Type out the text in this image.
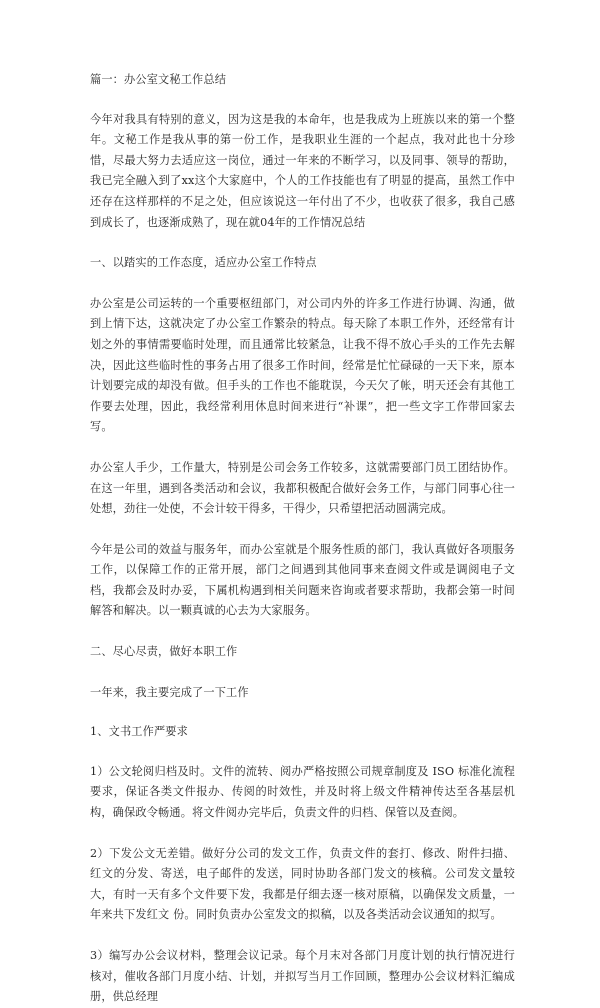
篇一：办公室文秘工作总结

今年对我具有特别的意义，因为这是我的本命年，也是我成为上班族以来的第一个整年。文秘工作是我从事的第一份工作，是我职业生涯的一个起点，我对此也十分珍惜，尽最大努力去适应这一岗位，通过一年来的不断学习，以及同事、领导的帮助，我已完全融入到了xx这个大家庭中，个人的工作技能也有了明显的提高，虽然工作中还存在这样那样的不足之处，但应该说这一年付出了不少，也收获了很多，我自己感到成长了，也逐渐成熟了，现在就04年的工作情况总结

一、以踏实的工作态度，适应办公室工作特点

办公室是公司运转的一个重要枢纽部门，对公司内外的许多工作进行协调、沟通，做到上情下达，这就决定了办公室工作繁杂的特点。每天除了本职工作外，还经常有计划之外的事情需要临时处理，而且通常比较紧急，让我不得不放心手头的工作先去解决，因此这些临时性的事务占用了很多工作时间，经常是忙忙碌碌的一天下来，原本计划要完成的却没有做。但手头的工作也不能耽误，今天欠了帐，明天还会有其他工作要去处理，因此，我经常利用休息时间来进行“补课”，把一些文字工作带回家去写。

办公室人手少，工作量大，特别是公司会务工作较多，这就需要部门员工团结协作。在这一年里，遇到各类活动和会议，我都积极配合做好会务工作，与部门同事心往一处想，劲往一处使，不会计较干得多，干得少，只希望把活动圆满完成。

今年是公司的效益与服务年，而办公室就是个服务性质的部门，我认真做好各项服务工作，以保障工作的正常开展，部门之间遇到其他同事来查阅文件或是调阅电子文档，我都会及时办妥，下属机构遇到相关问题来咨询或者要求帮助，我都会第一时间解答和解决。以一颗真诚的心去为大家服务。

二、尽心尽责，做好本职工作

一年来，我主要完成了一下工作

1、文书工作严要求

1）公文轮阅归档及时。文件的流转、阅办严格按照公司规章制度及 ISO 标准化流程要求，保证各类文件报办、传阅的时效性，并及时将上级文件精神传达至各基层机构，确保政令畅通。将文件阅办完毕后，负责文件的归档、保管以及查阅。

2）下发公文无差错。做好分公司的发文工作，负责文件的套打、修改、附件扫描、红文的分发、寄送，电子邮件的发送，同时协助各部门发文的核稿。公司发文量较大，有时一天有多个文件要下发，我都是仔细去逐一核对原稿，以确保发文质量，一年来共下发红文 份。同时负责办公室发文的拟稿，以及各类活动会议通知的拟写。

3）编写办公会议材料，整理会议记录。每个月末对各部门月度计划的执行情况进行核对，催收各部门月度小结、计划，并拟写当月工作回顾，整理办公会议材料汇编成册，供总经理
